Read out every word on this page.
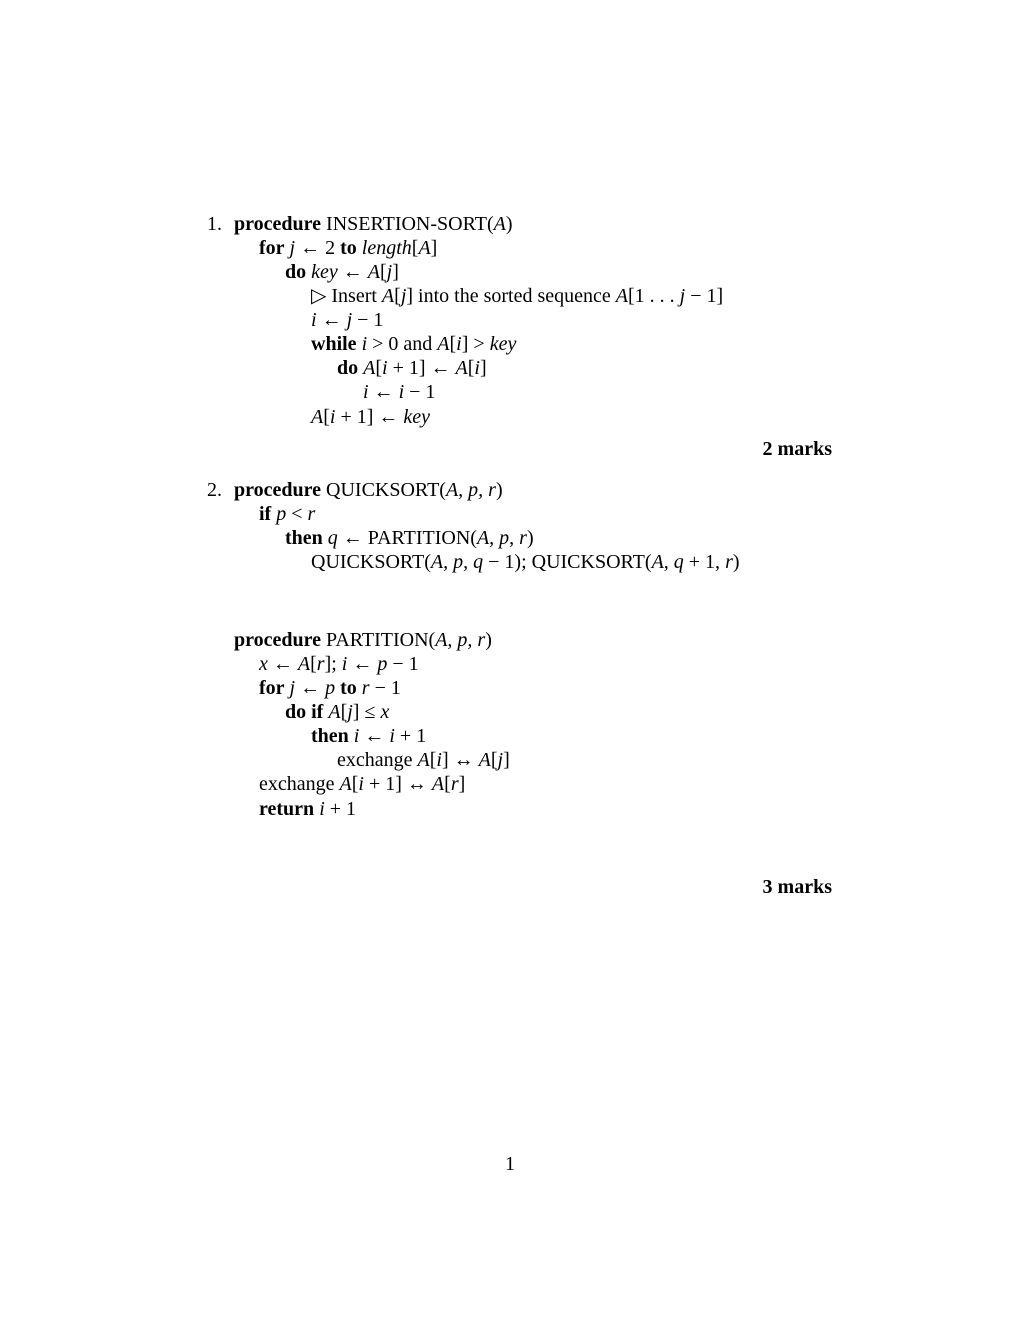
1. procedure INSERTION-SORT(A)
for j ← 2 to length[A]
do key ← A[j]
▷ Insert A[j] into the sorted sequence A[1 . . . j − 1]
i ← j − 1
while i > 0 and A[i] > key
do A[i + 1] ← A[i]
i ← i − 1
A[i + 1] ← key
2 marks
2. procedure QUICKSORT(A, p, r)
if p < r
then q ← PARTITION(A, p, r)
QUICKSORT(A, p, q − 1); QUICKSORT(A, q + 1, r)
procedure PARTITION(A, p, r)
x ← A[r]; i ← p − 1
for j ← p to r − 1
do if A[j] ≤ x
then i ← i + 1
exchange A[i] ↔ A[j]
exchange A[i + 1] ↔ A[r]
return i + 1
3 marks
1
